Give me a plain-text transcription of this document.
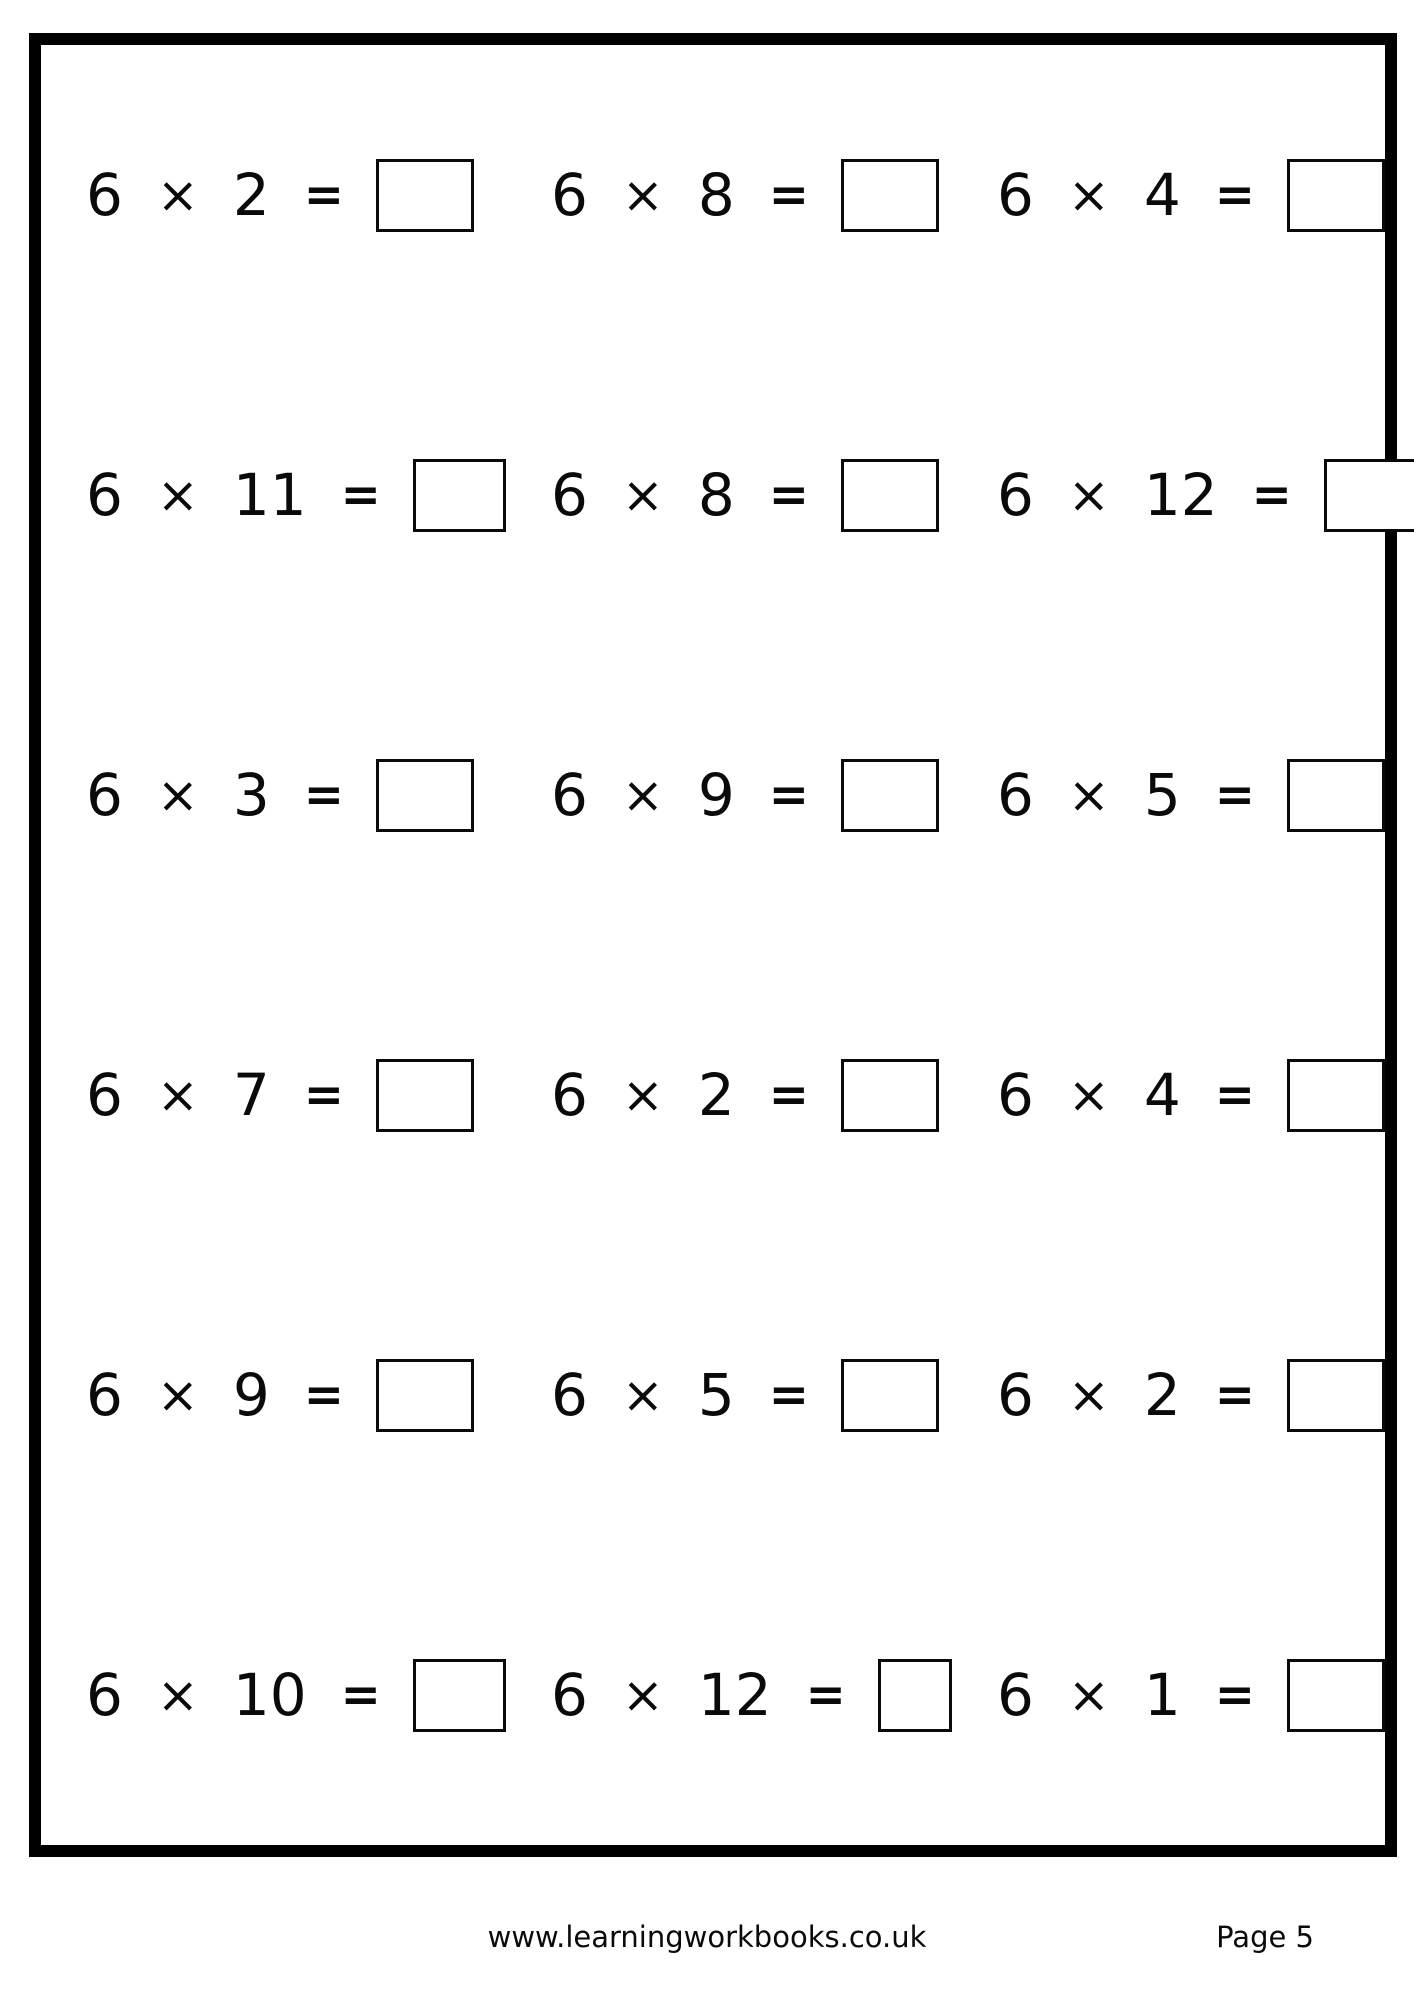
6 × 2 =	6 × 8 =	6 × 4 =
6 × 11 =	6 × 8 =	6 × 12 =
6 × 3 =	6 × 9 =	6 × 5 =
6 × 7 =	6 × 2 =	6 × 4 =
6 × 9 =	6 × 5 =	6 × 2 =
6 × 10 =	6 × 12 =	6 × 1 =
www.learningworkbooks.co.uk	Page 5
